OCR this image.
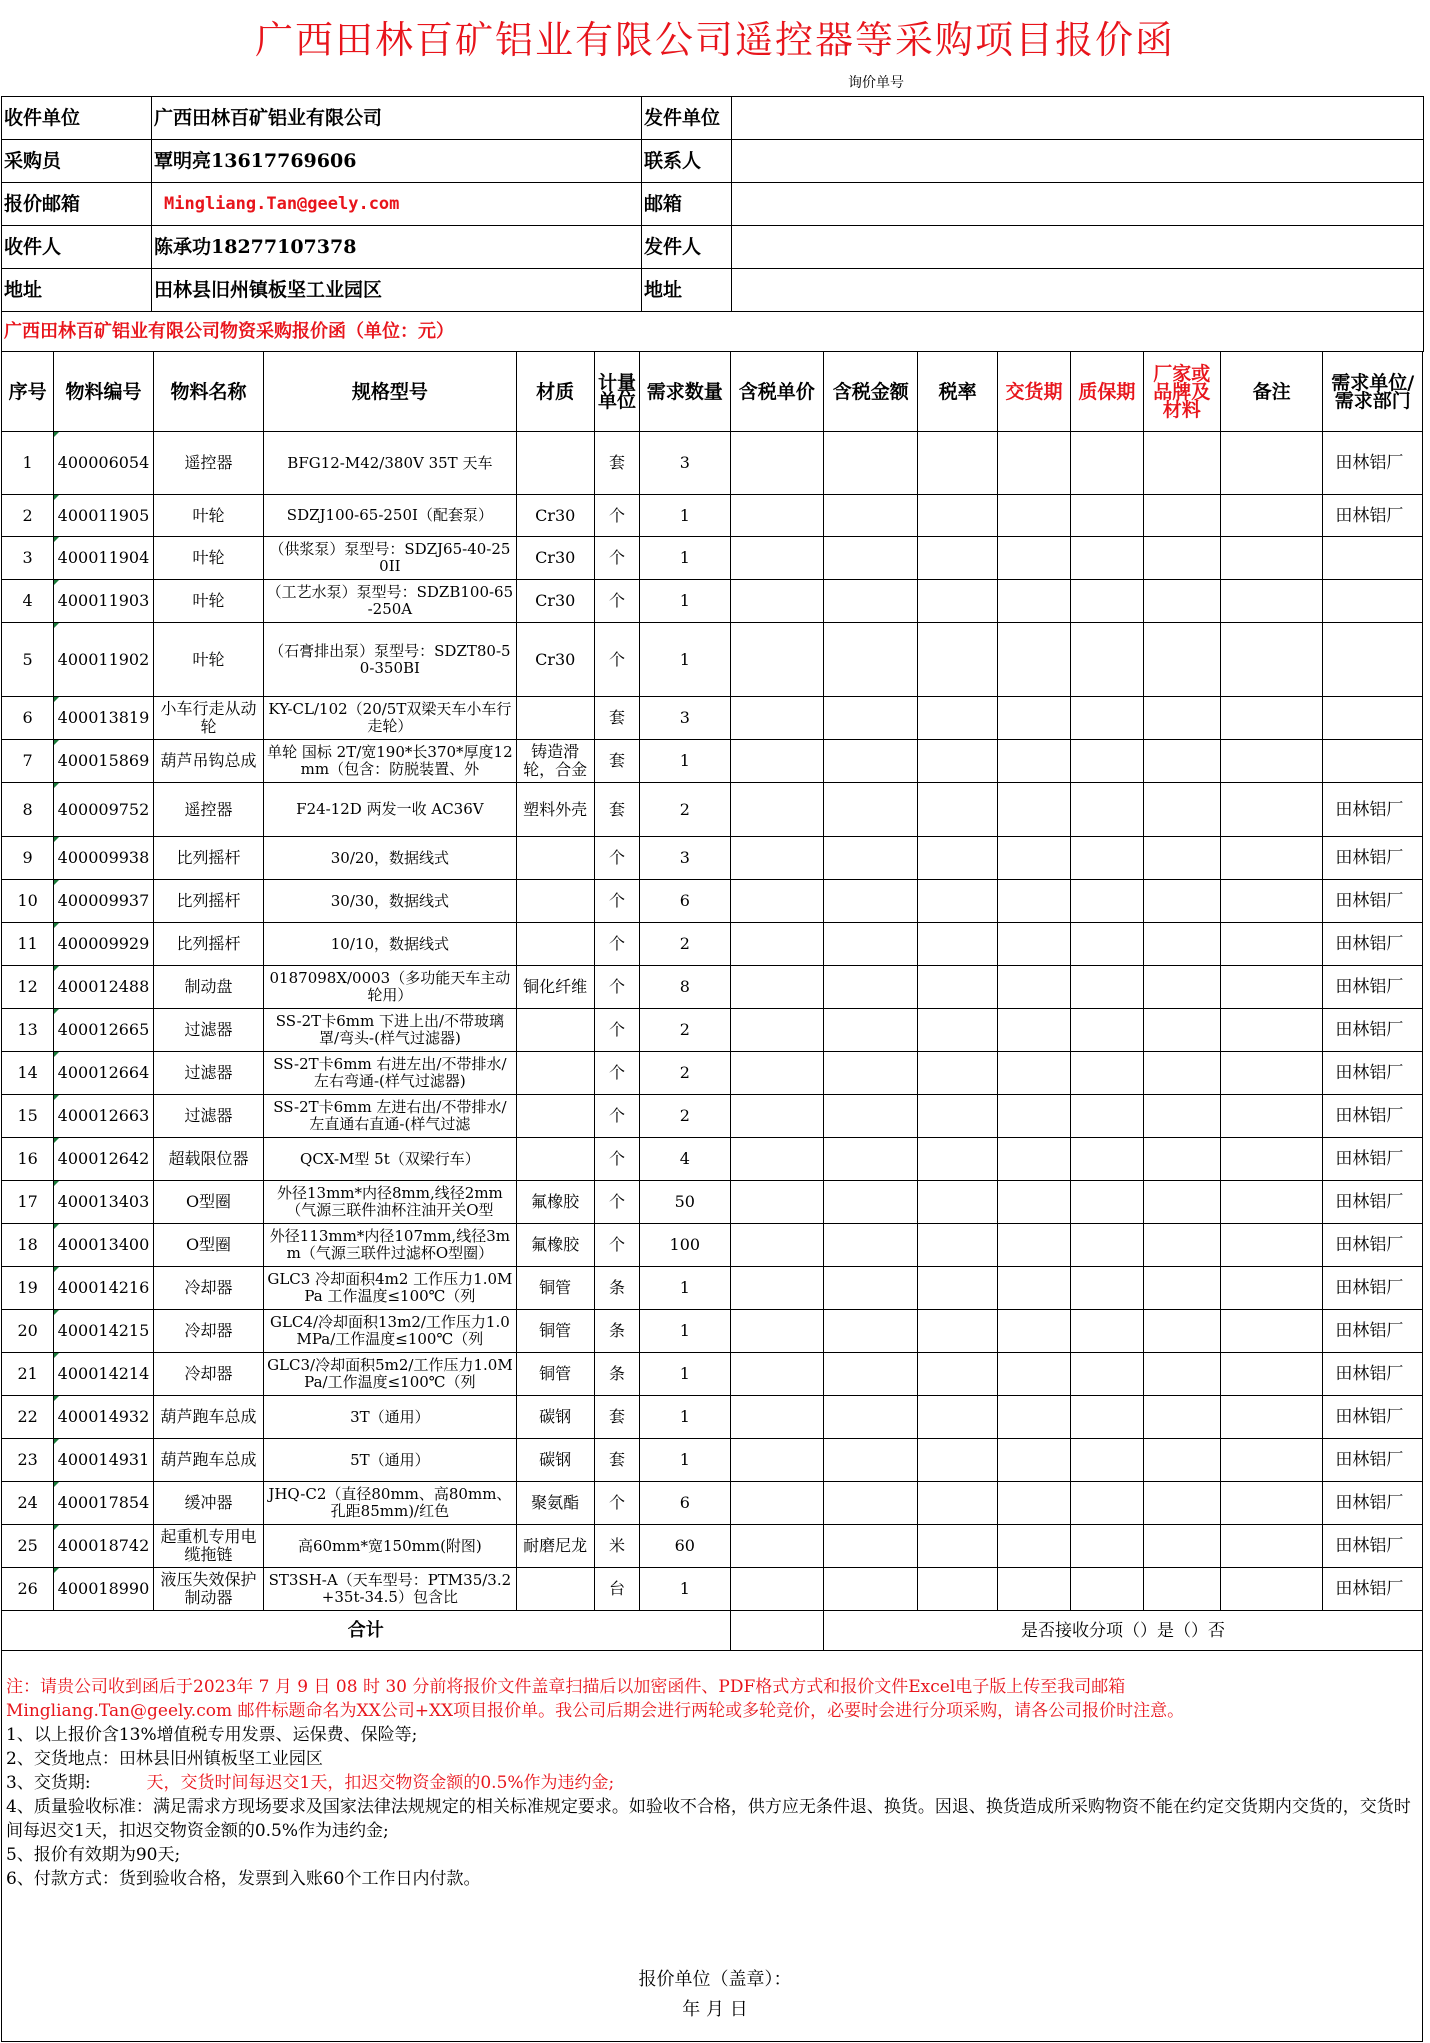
广西田林百矿铝业有限公司遥控器等采购项目报价函
询价单号
收件单位	广西田林百矿铝业有限公司	发件单位	
采购员	覃明亮13617769606	联系人	
报价邮箱	Mingliang.Tan@geely.com	邮箱	
收件人	陈承功18277107378	发件人	
地址	田林县旧州镇板坚工业园区	地址	
广西田林百矿铝业有限公司物资采购报价函（单位：元）			
序号	物料编号	物料名称	规格型号	材质	计量单位	需求数量	含税单价	含税金额	税率	交货期	质保期	厂家或品牌及材料	备注	需求单位/需求部门
1	400006054	遥控器	BFG12-M42/380V 35T 天车		套	3								田林铝厂
2	400011905	叶轮	SDZJ100-65-250I（配套泵）	Cr30	个	1								田林铝厂
3	400011904	叶轮	（供浆泵）泵型号：SDZJ65-40-250II	Cr30	个	1								
4	400011903	叶轮	（工艺水泵）泵型号：SDZB100-65-250A	Cr30	个	1								
5	400011902	叶轮	（石膏排出泵）泵型号：SDZT80-50-350BI	Cr30	个	1								
6	400013819	小车行走从动轮	KY-CL/102（20/5T双梁天车小车行走轮）		套	3								
7	400015869	葫芦吊钩总成	单轮 国标 2T/宽190*长370*厚度12mm（包含：防脱装置、外	铸造滑轮，合金	套	1								
8	400009752	遥控器	F24-12D 两发一收 AC36V	塑料外壳	套	2								田林铝厂
9	400009938	比列摇杆	30/20，数据线式		个	3								田林铝厂
10	400009937	比列摇杆	30/30，数据线式		个	6								田林铝厂
11	400009929	比列摇杆	10/10，数据线式		个	2								田林铝厂
12	400012488	制动盘	0187098X/0003（多功能天车主动轮用）	铜化纤维	个	8								田林铝厂
13	400012665	过滤器	SS-2T卡6mm 下进上出/不带玻璃罩/弯头-(样气过滤器)		个	2								田林铝厂
14	400012664	过滤器	SS-2T卡6mm 右进左出/不带排水/左右弯通-(样气过滤器)		个	2								田林铝厂
15	400012663	过滤器	SS-2T卡6mm 左进右出/不带排水/左直通右直通-(样气过滤		个	2								田林铝厂
16	400012642	超载限位器	QCX-M型 5t（双梁行车）		个	4								田林铝厂
17	400013403	O型圈	外径13mm*内径8mm,线径2mm（气源三联件油杯注油开关O型	氟橡胶	个	50								田林铝厂
18	400013400	O型圈	外径113mm*内径107mm,线径3mm（气源三联件过滤杯O型圈）	氟橡胶	个	100								田林铝厂
19	400014216	冷却器	GLC3 冷却面积4m2 工作压力1.0MPa 工作温度≤100℃（列	铜管	条	1								田林铝厂
20	400014215	冷却器	GLC4/冷却面积13m2/工作压力1.0MPa/工作温度≤100℃（列	铜管	条	1								田林铝厂
21	400014214	冷却器	GLC3/冷却面积5m2/工作压力1.0MPa/工作温度≤100℃（列	铜管	条	1								田林铝厂
22	400014932	葫芦跑车总成	3T（通用）	碳钢	套	1								田林铝厂
23	400014931	葫芦跑车总成	5T（通用）	碳钢	套	1								田林铝厂
24	400017854	缓冲器	JHQ-C2（直径80mm、高80mm、孔距85mm)/红色	聚氨酯	个	6								田林铝厂
25	400018742	起重机专用电缆拖链	高60mm*宽150mm(附图)	耐磨尼龙	米	60								田林铝厂
26	400018990	液压失效保护制动器	ST3SH-A（天车型号：PTM35/3.2+35t-34.5）包含比		台	1								田林铝厂
合计								是否接收分项（）是（）否						
注：请贵公司收到函后于2023年 7 月 9 日 08 时 30 分前将报价文件盖章扫描后以加密函件、PDF格式方式和报价文件Excel电子版上传至我司邮箱
Mingliang.Tan@geely.com 邮件标题命名为XX公司+XX项目报价单。我公司后期会进行两轮或多轮竞价，必要时会进行分项采购，请各公司报价时注意。
1、以上报价含13%增值税专用发票、运保费、保险等;
2、交货地点：田林县旧州镇板坚工业园区
3、交货期:	天，交货时间每迟交1天，扣迟交物资金额的0.5%作为违约金;
4、质量验收标准：满足需求方现场要求及国家法律法规规定的相关标准规定要求。如验收不合格，供方应无条件退、换货。因退、换货造成所采购物资不能在约定交货期内交货的，交货时间每迟交1天，扣迟交物资金额的0.5%作为违约金;
5、报价有效期为90天;
6、付款方式：货到验收合格，发票到入账60个工作日内付款。
报价单位（盖章）：
年 月 日
